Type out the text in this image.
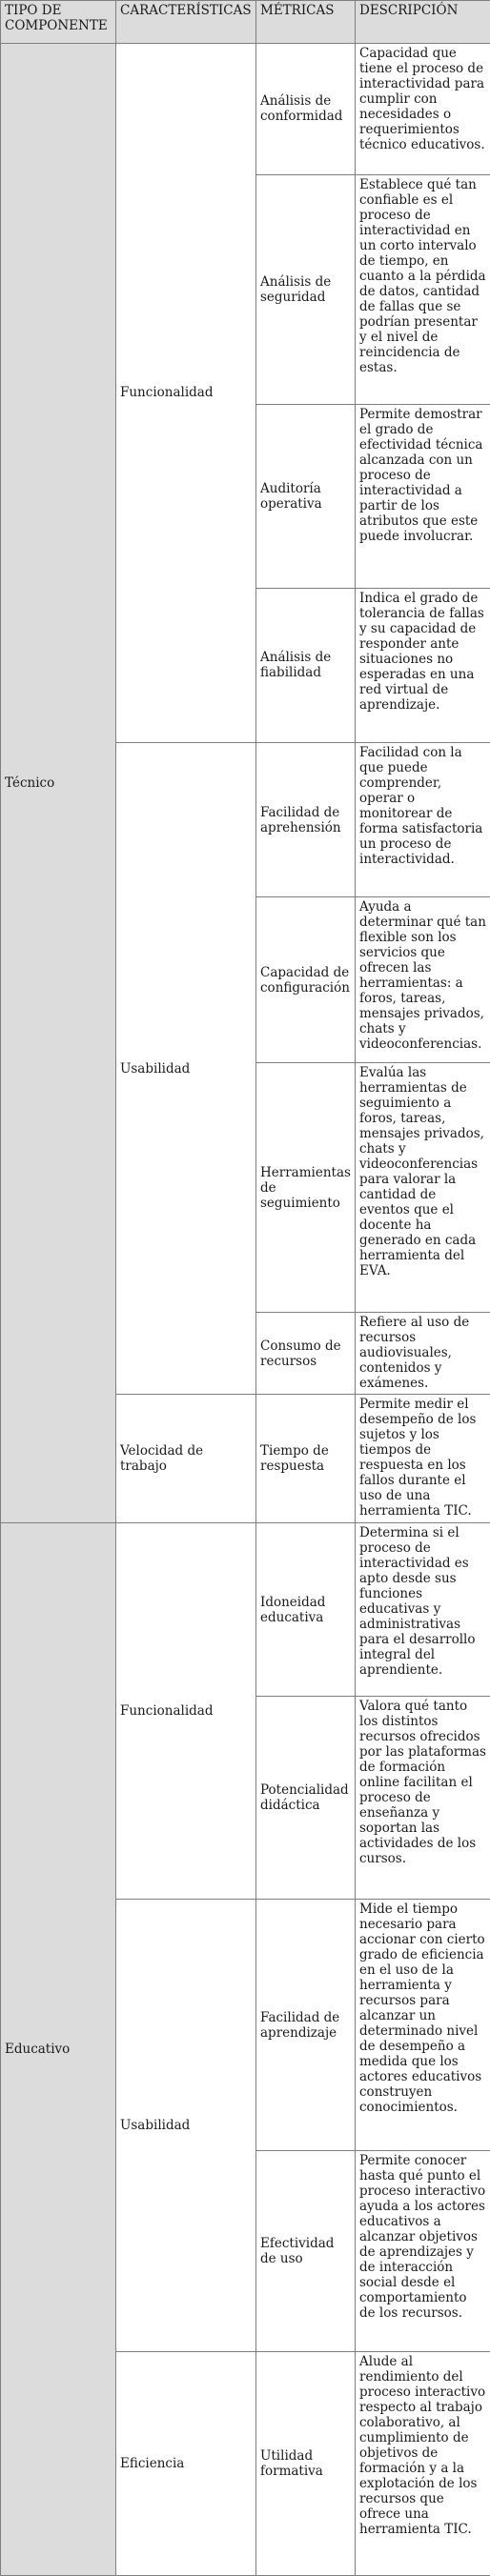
TIPO DE COMPONENTE	CARACTERÍSTICAS	MÉTRICAS	DESCRIPCIÓN
Técnico	Funcionalidad	Análisis de conformidad	Capacidad que tiene el proceso de interactividad para cumplir con necesidades o requerimientos técnico educativos.
		Análisis de seguridad	Establece qué tan confiable es el proceso de interactividad en un corto intervalo de tiempo, en cuanto a la pérdida de datos, cantidad de fallas que se podrían presentar y el nivel de reincidencia de estas.
		Auditoría operativa	Permite demostrar el grado de efectividad técnica alcanzada con un proceso de interactividad a partir de los atributos que este puede involucrar.
		Análisis de fiabilidad	Indica el grado de tolerancia de fallas y su capacidad de responder ante situaciones no esperadas en una red virtual de aprendizaje.
	Usabilidad	Facilidad de aprehensión	Facilidad con la que puede comprender, operar o monitorear de forma satisfactoria un proceso de interactividad.
		Capacidad de configuración	Ayuda a determinar qué tan flexible son los servicios que ofrecen las herramientas: a foros, tareas, mensajes privados, chats y videoconferencias.
		Herramientas de seguimiento	Evalúa las herramientas de seguimiento a foros, tareas, mensajes privados, chats y videoconferencias para valorar la cantidad de eventos que el docente ha generado en cada herramienta del EVA.
		Consumo de recursos	Refiere al uso de recursos audiovisuales, contenidos y exámenes.
	Velocidad de trabajo	Tiempo de respuesta	Permite medir el desempeño de los sujetos y los tiempos de respuesta en los fallos durante el uso de una herramienta TIC.
Educativo	Funcionalidad	Idoneidad educativa	Determina si el proceso de interactividad es apto desde sus funciones educativas y administrativas para el desarrollo integral del aprendiente.
		Potencialidad didáctica	Valora qué tanto los distintos recursos ofrecidos por las plataformas de formación online facilitan el proceso de enseñanza y soportan las actividades de los cursos.
	Usabilidad	Facilidad de aprendizaje	Mide el tiempo necesario para accionar con cierto grado de eficiencia en el uso de la herramienta y recursos para alcanzar un determinado nivel de desempeño a medida que los actores educativos construyen conocimientos.
		Efectividad de uso	Permite conocer hasta qué punto el proceso interactivo ayuda a los actores educativos a alcanzar objetivos de aprendizajes y de interacción social desde el comportamiento de los recursos.
	Eficiencia	Utilidad formativa	Alude al rendimiento del proceso interactivo respecto al trabajo colaborativo, al cumplimiento de objetivos de formación y a la explotación de los recursos que ofrece una herramienta TIC.
